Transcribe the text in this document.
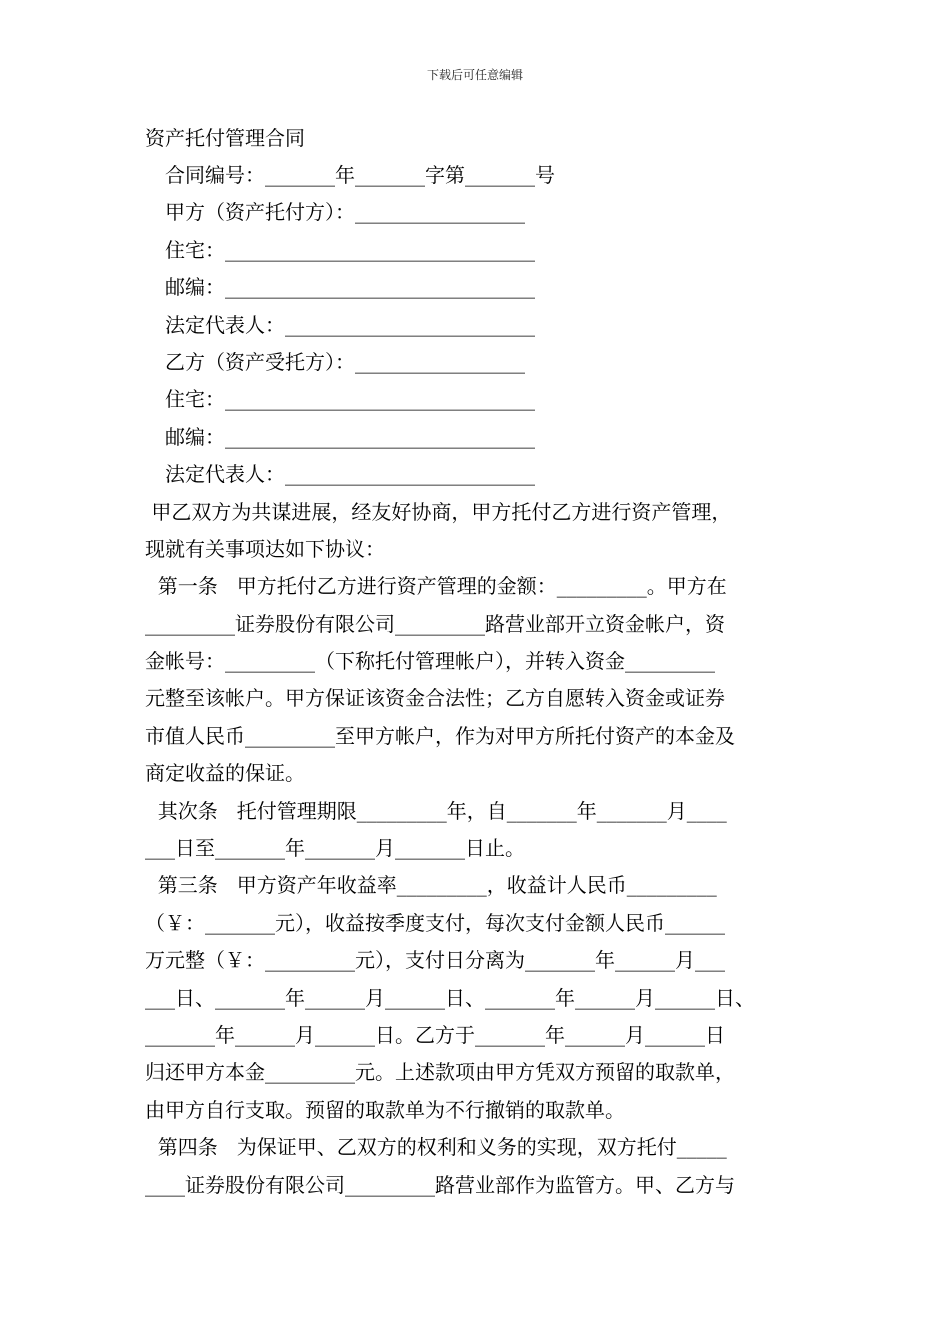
下载后可任意编辑
资产托付管理合同
合同编号：_______年_______字第_______号
甲方（资产托付方）：_________________
住宅：_______________________________
邮编：_______________________________
法定代表人：_________________________
乙方（资产受托方）：_________________
住宅：_______________________________
邮编：_______________________________
法定代表人：_________________________
甲乙双方为共谋进展，经友好协商，甲方托付乙方进行资产管理，
现就有关事项达如下协议：
第一条   甲方托付乙方进行资产管理的金额：_________。甲方在
_________证券股份有限公司_________路营业部开立资金帐户，资
金帐号：_________（下称托付管理帐户），并转入资金_________
元整至该帐户。甲方保证该资金合法性；乙方自愿转入资金或证券
市值人民币_________至甲方帐户，作为对甲方所托付资产的本金及
商定收益的保证。
其次条   托付管理期限_________年，自_______年_______月____
___日至_______年_______月_______日止。
第三条   甲方资产年收益率_________，收益计人民币_________
（￥：_______元），收益按季度支付，每次支付金额人民币______
万元整（￥：_________元），支付日分离为_______年______月___
___日、_______年______月______日、_______年______月______日、
_______年______月______日。乙方于_______年______月______日
归还甲方本金_________元。上述款项由甲方凭双方预留的取款单，
由甲方自行支取。预留的取款单为不行撤销的取款单。
第四条   为保证甲、乙双方的权利和义务的实现，双方托付_____
____证券股份有限公司_________路营业部作为监管方。甲、乙方与
